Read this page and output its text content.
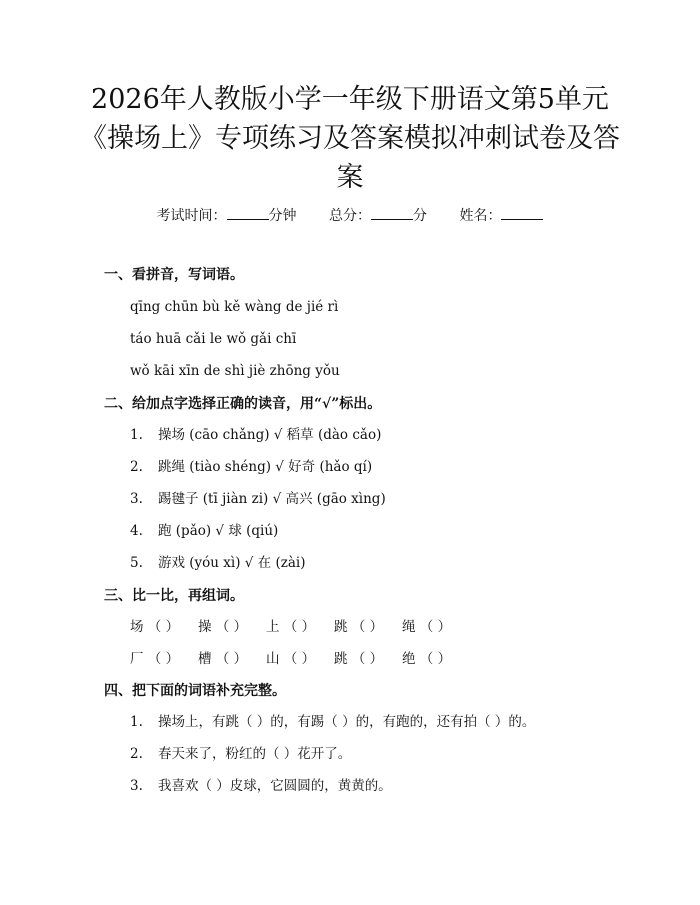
2026年人教版小学一年级下册语文第5单元《操场上》专项练习及答案模拟冲刺试卷及答案
考试时间：	分钟 总分：	分 姓名：
一、看拼音，写词语。
qīng chūn bù kě wàng de jié rì
táo huā cǎi le wǒ gǎi chī
wǒ kāi xīn de shì jiè zhōng yǒu
二、给加点字选择正确的读音，用“√”标出。
1. 操场 (cāo chǎng) √ 稻草 (dào cǎo)
2. 跳绳 (tiào shéng) √ 好奇 (hǎo qí)
3. 踢毽子 (tī jiàn zi) √ 高兴 (gāo xìng)
4. 跑 (pǎo) √ 球 (qiú)
5. 游戏 (yóu xì) √ 在 (zài)
三、比一比，再组词。
场 （ ） 操 （ ） 上 （ ） 跳 （ ） 绳 （ ）
厂 （ ） 槽 （ ） 山 （ ） 跳 （ ） 绝 （ ）
四、把下面的词语补充完整。
1. 操场上，有跳（ ）的，有踢（ ）的，有跑的，还有拍（ ）的。
2. 春天来了，粉红的（ ）花开了。
3. 我喜欢（ ）皮球，它圆圆的，黄黄的。
